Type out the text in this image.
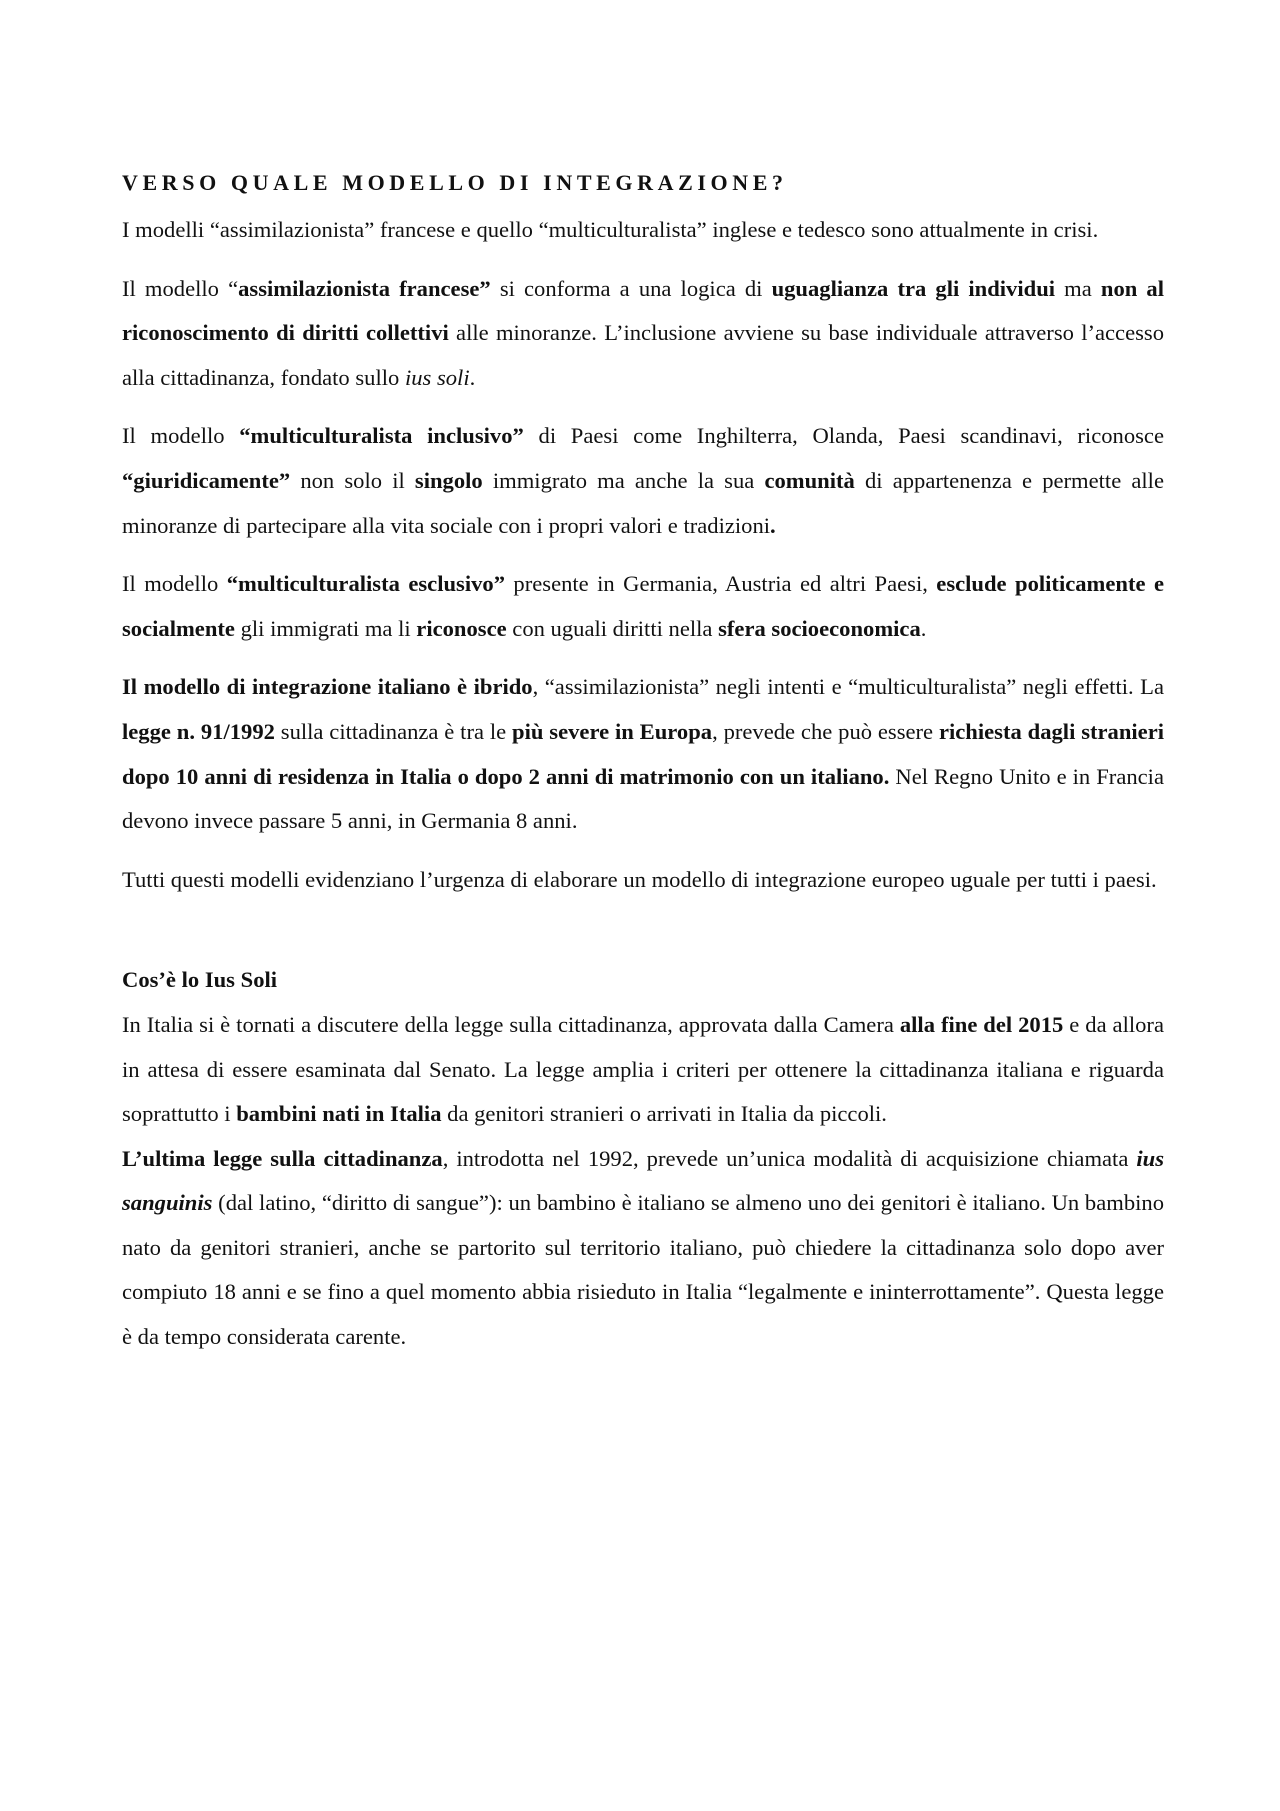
VERSO QUALE MODELLO DI INTEGRAZIONE?

I modelli “assimilazionista” francese e quello “multiculturalista” inglese e tedesco sono attualmente in crisi.

Il modello “assimilazionista francese” si conforma a una logica di uguaglianza tra gli individui ma non al riconoscimento di diritti collettivi alle minoranze. L’inclusione avviene su base individuale attraverso l’accesso alla cittadinanza, fondato sullo ius soli.

Il modello “multiculturalista inclusivo” di Paesi come Inghilterra, Olanda, Paesi scandinavi, riconosce “giuridicamente” non solo il singolo immigrato ma anche la sua comunità di appartenenza e permette alle minoranze di partecipare alla vita sociale con i propri valori e tradizioni.

Il modello “multiculturalista esclusivo” presente in Germania, Austria ed altri Paesi, esclude politicamente e socialmente gli immigrati ma li riconosce con uguali diritti nella sfera socioeconomica.

Il modello di integrazione italiano è ibrido, “assimilazionista” negli intenti e “multiculturalista” negli effetti. La legge n. 91/1992 sulla cittadinanza è tra le più severe in Europa, prevede che può essere richiesta dagli stranieri dopo 10 anni di residenza in Italia o dopo 2 anni di matrimonio con un italiano. Nel Regno Unito e in Francia devono invece passare 5 anni, in Germania 8 anni.

Tutti questi modelli evidenziano l’urgenza di elaborare un modello di integrazione europeo uguale per tutti i paesi.

Cos’è lo Ius Soli

In Italia si è tornati a discutere della legge sulla cittadinanza, approvata dalla Camera alla fine del 2015 e da allora in attesa di essere esaminata dal Senato. La legge amplia i criteri per ottenere la cittadinanza italiana e riguarda soprattutto i bambini nati in Italia da genitori stranieri o arrivati in Italia da piccoli.

L’ultima legge sulla cittadinanza, introdotta nel 1992, prevede un’unica modalità di acquisizione chiamata ius sanguinis (dal latino, “diritto di sangue”): un bambino è italiano se almeno uno dei genitori è italiano. Un bambino nato da genitori stranieri, anche se partorito sul territorio italiano, può chiedere la cittadinanza solo dopo aver compiuto 18 anni e se fino a quel momento abbia risieduto in Italia “legalmente e ininterrottamente”. Questa legge è da tempo considerata carente.
